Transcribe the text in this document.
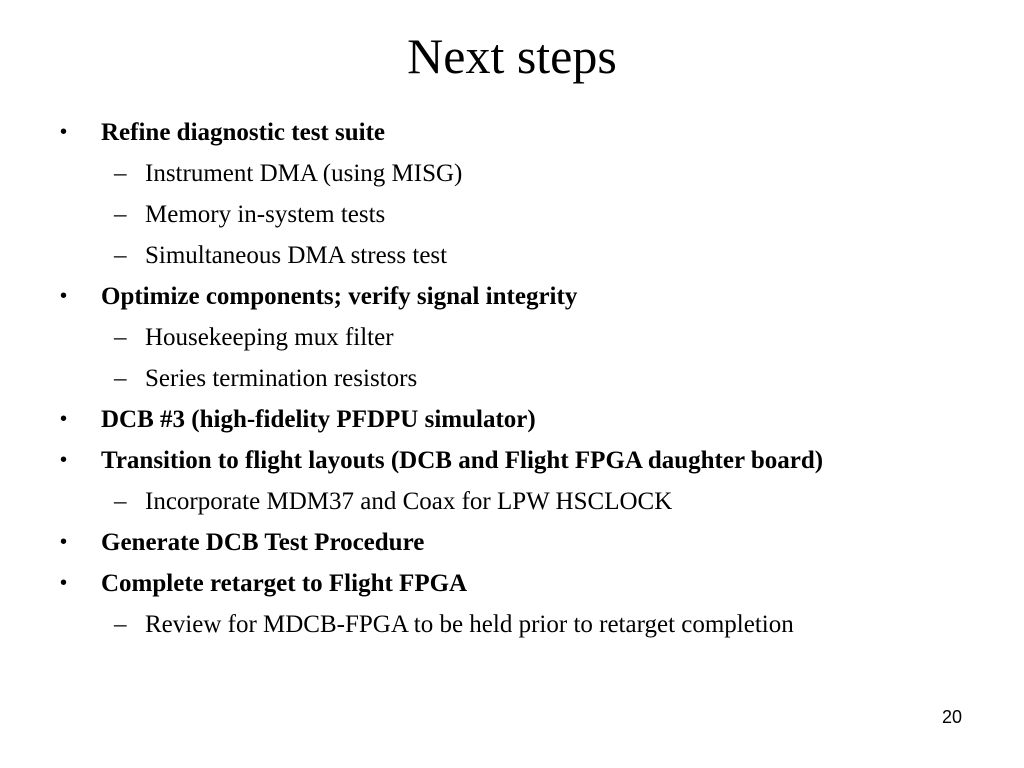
Next steps
•	Refine diagnostic test suite
– Instrument DMA (using MISG)
– Memory in-system tests
– Simultaneous DMA stress test
•	Optimize components; verify signal integrity
– Housekeeping mux filter
– Series termination resistors
•	DCB #3 (high-fidelity PFDPU simulator)
•	Transition to flight layouts (DCB and Flight FPGA daughter board)
– Incorporate MDM37 and Coax for LPW HSCLOCK
•	Generate DCB Test Procedure
•	Complete retarget to Flight FPGA
– Review for MDCB-FPGA to be held prior to retarget completion
20
